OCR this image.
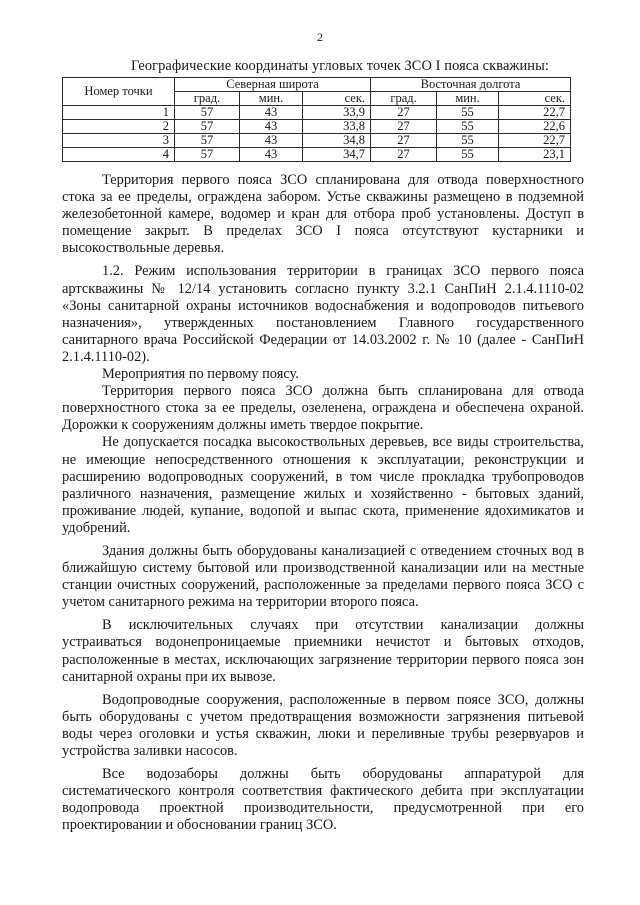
2
Географические координаты угловых точек ЗСО I пояса скважины:
Номер точки	Северная широта			Восточная долгота		
	град.	мин.	сек.	град.	мин.	сек.
1	57	43	33,9	27	55	22,7
2	57	43	33,8	27	55	22,6
3	57	43	34,8	27	55	22,7
4	57	43	34,7	27	55	23,1

Территория первого пояса ЗСО спланирована для отвода поверхностного стока за ее пределы, ограждена забором. Устье скважины размещено в подземной железобетонной камере, водомер и кран для отбора проб установлены. Доступ в помещение закрыт. В пределах ЗСО I пояса отсутствуют кустарники и высокоствольные деревья.

1.2. Режим использования территории в границах ЗСО первого пояса артскважины № 12/14 установить согласно пункту 3.2.1 СанПиН 2.1.4.1110-02 «Зоны санитарной охраны источников водоснабжения и водопроводов питьевого назначения», утвержденных постановлением Главного государственного санитарного врача Российской Федерации от 14.03.2002 г. № 10 (далее - СанПиН 2.1.4.1110-02).

Мероприятия по первому поясу.

Территория первого пояса ЗСО должна быть спланирована для отвода поверхностного стока за ее пределы, озеленена, ограждена и обеспечена охраной. Дорожки к сооружениям должны иметь твердое покрытие.

Не допускается посадка высокоствольных деревьев, все виды строительства, не имеющие непосредственного отношения к эксплуатации, реконструкции и расширению водопроводных сооружений, в том числе прокладка трубопроводов различного назначения, размещение жилых и хозяйственно - бытовых зданий, проживание людей, купание, водопой и выпас скота, применение ядохимикатов и удобрений.

Здания должны быть оборудованы канализацией с отведением сточных вод в ближайшую систему бытовой или производственной канализации или на местные станции очистных сооружений, расположенные за пределами первого пояса ЗСО с учетом санитарного режима на территории второго пояса.

В исключительных случаях при отсутствии канализации должны устраиваться водонепроницаемые приемники нечистот и бытовых отходов, расположенные в местах, исключающих загрязнение территории первого пояса зон санитарной охраны при их вывозе.

Водопроводные сооружения, расположенные в первом поясе ЗСО, должны быть оборудованы с учетом предотвращения возможности загрязнения питьевой воды через оголовки и устья скважин, люки и переливные трубы резервуаров и устройства заливки насосов.

Все водозаборы должны быть оборудованы аппаратурой для систематического контроля соответствия фактического дебита при эксплуатации водопровода проектной производительности, предусмотренной при его проектировании и обосновании границ ЗСО.
